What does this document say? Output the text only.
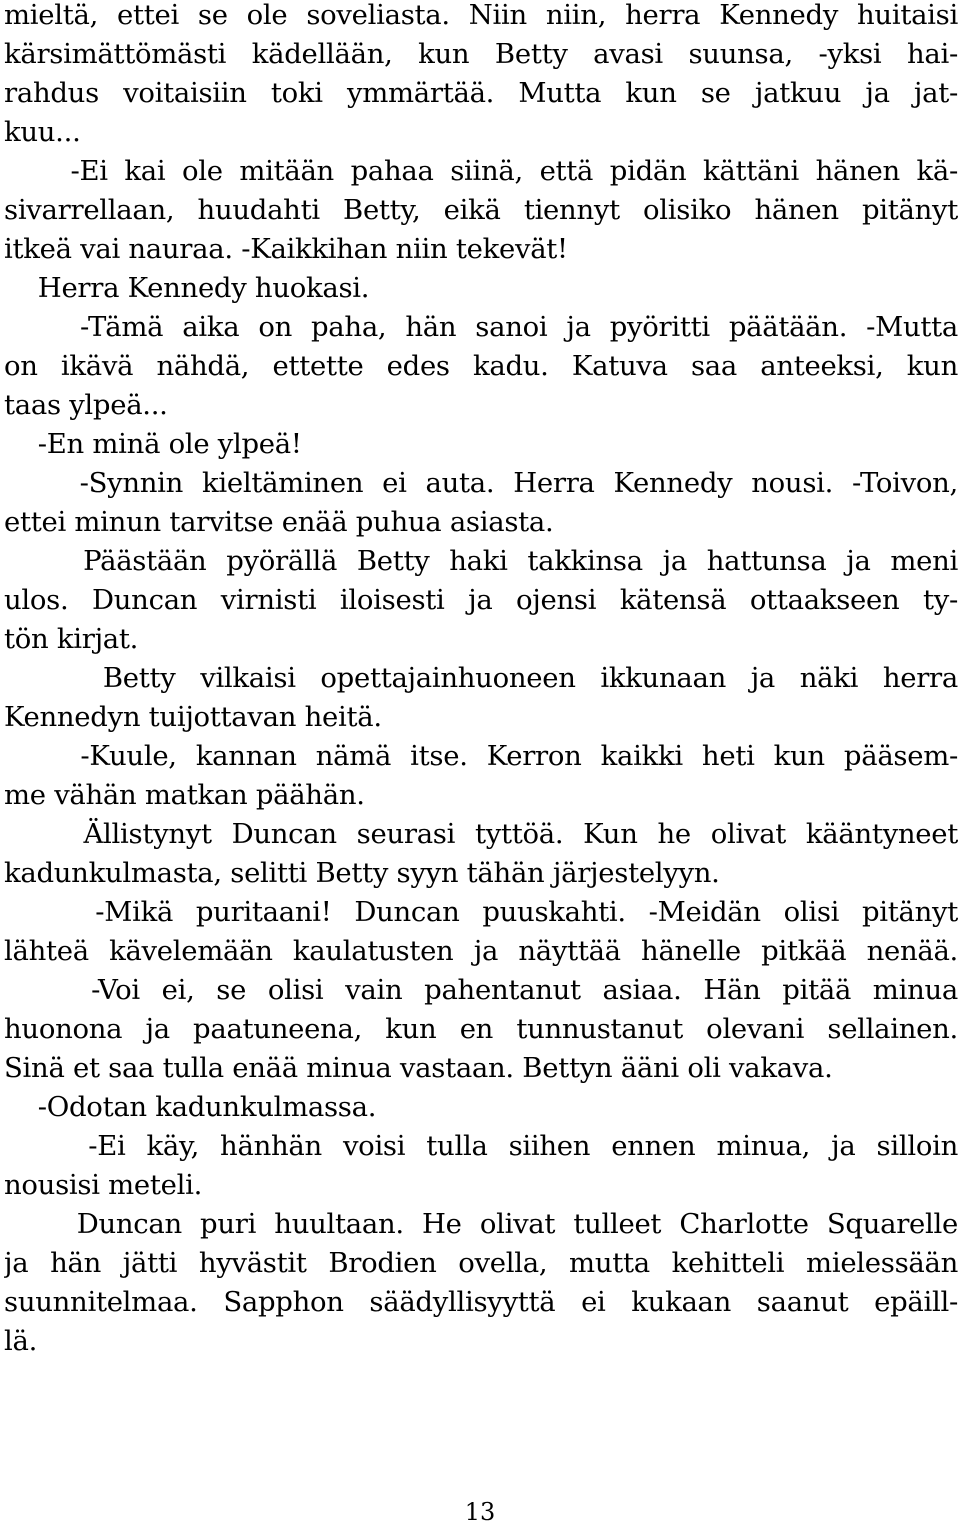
mieltä, ettei se ole soveliasta. Niin niin, herra Kennedy huitaisi
kärsimättömästi kädellään, kun Betty avasi suunsa, -yksi hai-
rahdus voitaisiin toki ymmärtää. Mutta kun se jatkuu ja jat-
kuu...
-Ei kai ole mitään pahaa siinä, että pidän kättäni hänen kä-
sivarrellaan, huudahti Betty, eikä tiennyt olisiko hänen pitänyt
itkeä vai nauraa. -Kaikkihan niin tekevät!
Herra Kennedy huokasi.
-Tämä aika on paha, hän sanoi ja pyöritti päätään. -Mutta
on ikävä nähdä, ettette edes kadu. Katuva saa anteeksi, kun
taas ylpeä...
-En minä ole ylpeä!
-Synnin kieltäminen ei auta. Herra Kennedy nousi. -Toivon,
ettei minun tarvitse enää puhua asiasta.
Päästään pyörällä Betty haki takkinsa ja hattunsa ja meni
ulos. Duncan virnisti iloisesti ja ojensi kätensä ottaakseen ty-
tön kirjat.
Betty vilkaisi opettajainhuoneen ikkunaan ja näki herra
Kennedyn tuijottavan heitä.
-Kuule, kannan nämä itse. Kerron kaikki heti kun pääsem-
me vähän matkan päähän.
Ällistynyt Duncan seurasi tyttöä. Kun he olivat kääntyneet
kadunkulmasta, selitti Betty syyn tähän järjestelyyn.
-Mikä puritaani! Duncan puuskahti. -Meidän olisi pitänyt
lähteä kävelemään kaulatusten ja näyttää hänelle pitkää nenää.
-Voi ei, se olisi vain pahentanut asiaa. Hän pitää minua
huonona ja paatuneena, kun en tunnustanut olevani sellainen.
Sinä et saa tulla enää minua vastaan. Bettyn ääni oli vakava.
-Odotan kadunkulmassa.
-Ei käy, hänhän voisi tulla siihen ennen minua, ja silloin
nousisi meteli.
Duncan puri huultaan. He olivat tulleet Charlotte Squarelle
ja hän jätti hyvästit Brodien ovella, mutta kehitteli mielessään
suunnitelmaa. Sapphon säädyllisyyttä ei kukaan saanut epäill-
lä.
13
